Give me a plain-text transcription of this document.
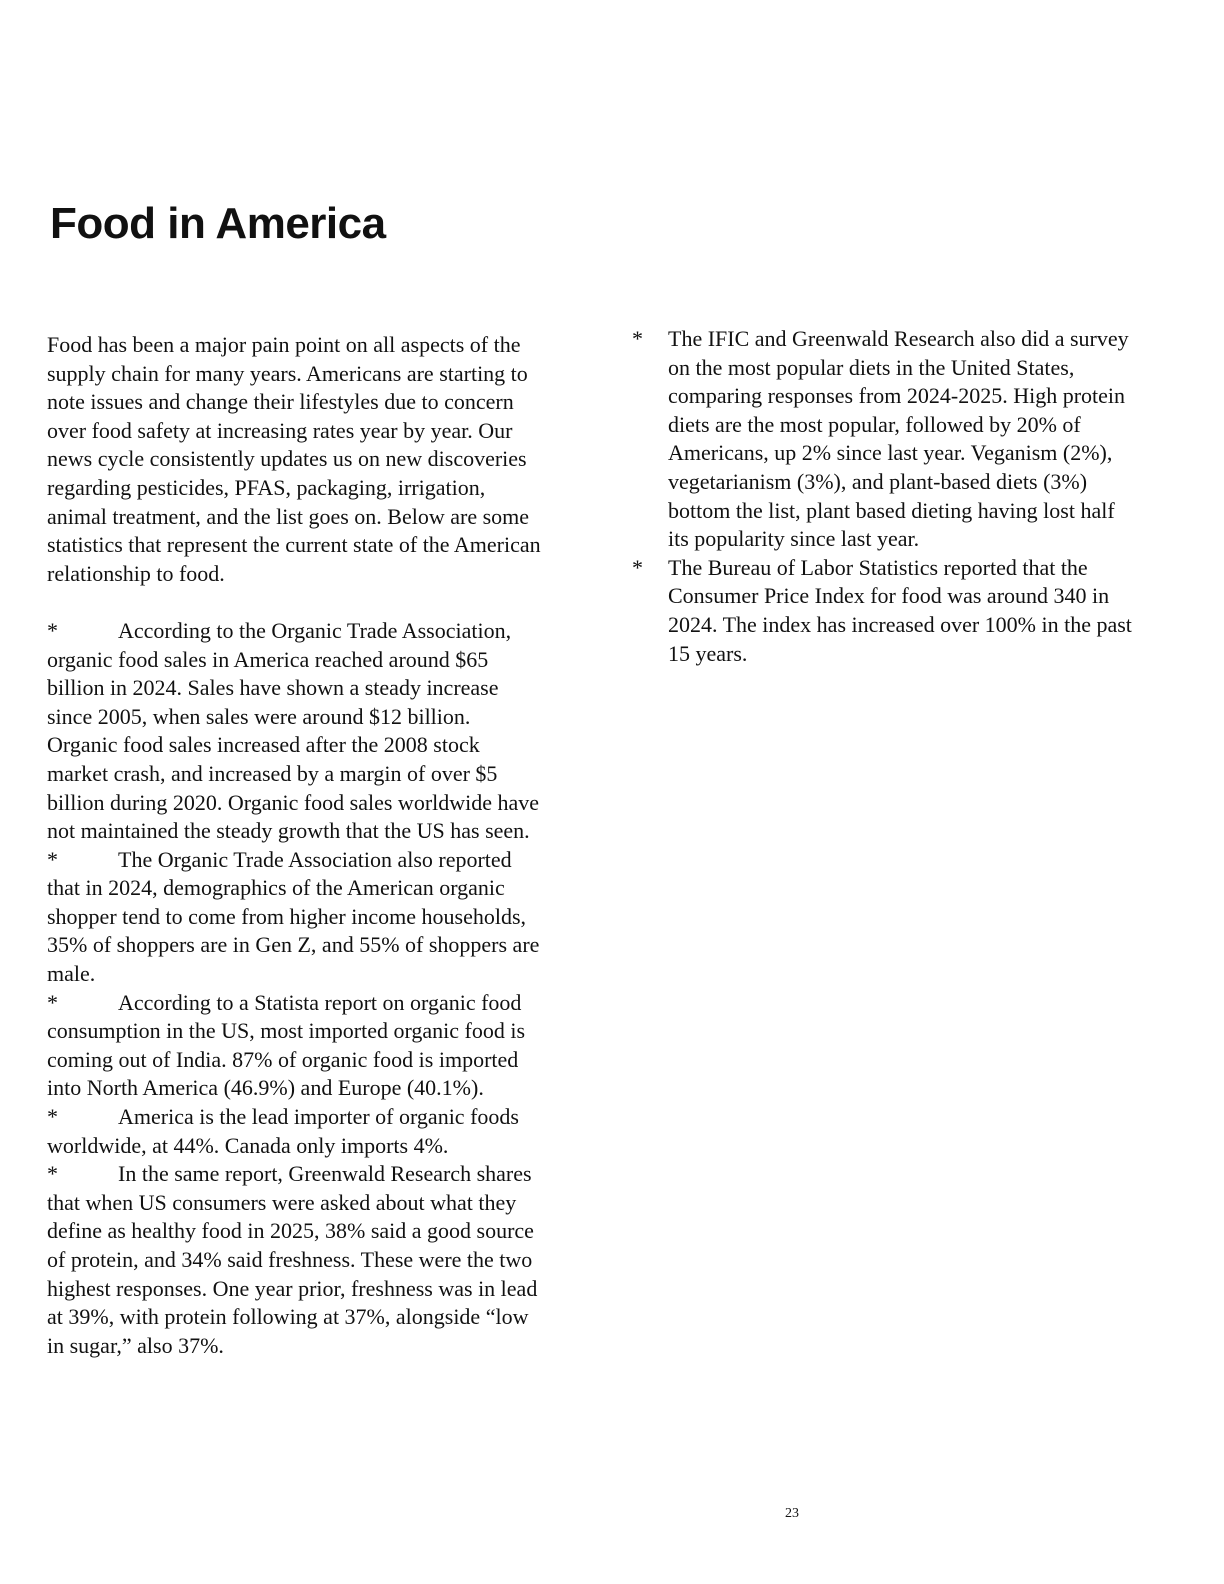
Food in America

Food has been a major pain point on all aspects of the supply chain for many years. Americans are starting to note issues and change their lifestyles due to concern over food safety at increasing rates year by year. Our news cycle consistently updates us on new discoveries regarding pesticides, PFAS, packaging, irrigation, animal treatment, and the list goes on. Below are some statistics that represent the current state of the American relationship to food.

*	According to the Organic Trade Association, organic food sales in America reached around $65 billion in 2024. Sales have shown a steady increase since 2005, when sales were around $12 billion. Organic food sales increased after the 2008 stock market crash, and increased by a margin of over $5 billion during 2020. Organic food sales worldwide have not maintained the steady growth that the US has seen.

*	The Organic Trade Association also reported that in 2024, demographics of the American organic shopper tend to come from higher income households, 35% of shoppers are in Gen Z, and 55% of shoppers are male.

*	According to a Statista report on organic food consumption in the US, most imported organic food is coming out of India. 87% of organic food is imported into North America (46.9%) and Europe (40.1%).

*	America is the lead importer of organic foods worldwide, at 44%. Canada only imports 4%.

*	In the same report, Greenwald Research shares that when US consumers were asked about what they define as healthy food in 2025, 38% said a good source of protein, and 34% said freshness. These were the two highest responses. One year prior, freshness was in lead at 39%, with protein following at 37%, alongside “low in sugar,” also 37%.

* The IFIC and Greenwald Research also did a survey on the most popular diets in the United States, comparing responses from 2024-2025. High protein diets are the most popular, followed by 20% of Americans, up 2% since last year. Veganism (2%), vegetarianism (3%), and plant-based diets (3%) bottom the list, plant based dieting having lost half its popularity since last year.

* The Bureau of Labor Statistics reported that the Consumer Price Index for food was around 340 in 2024. The index has increased over 100% in the past 15 years.

23
